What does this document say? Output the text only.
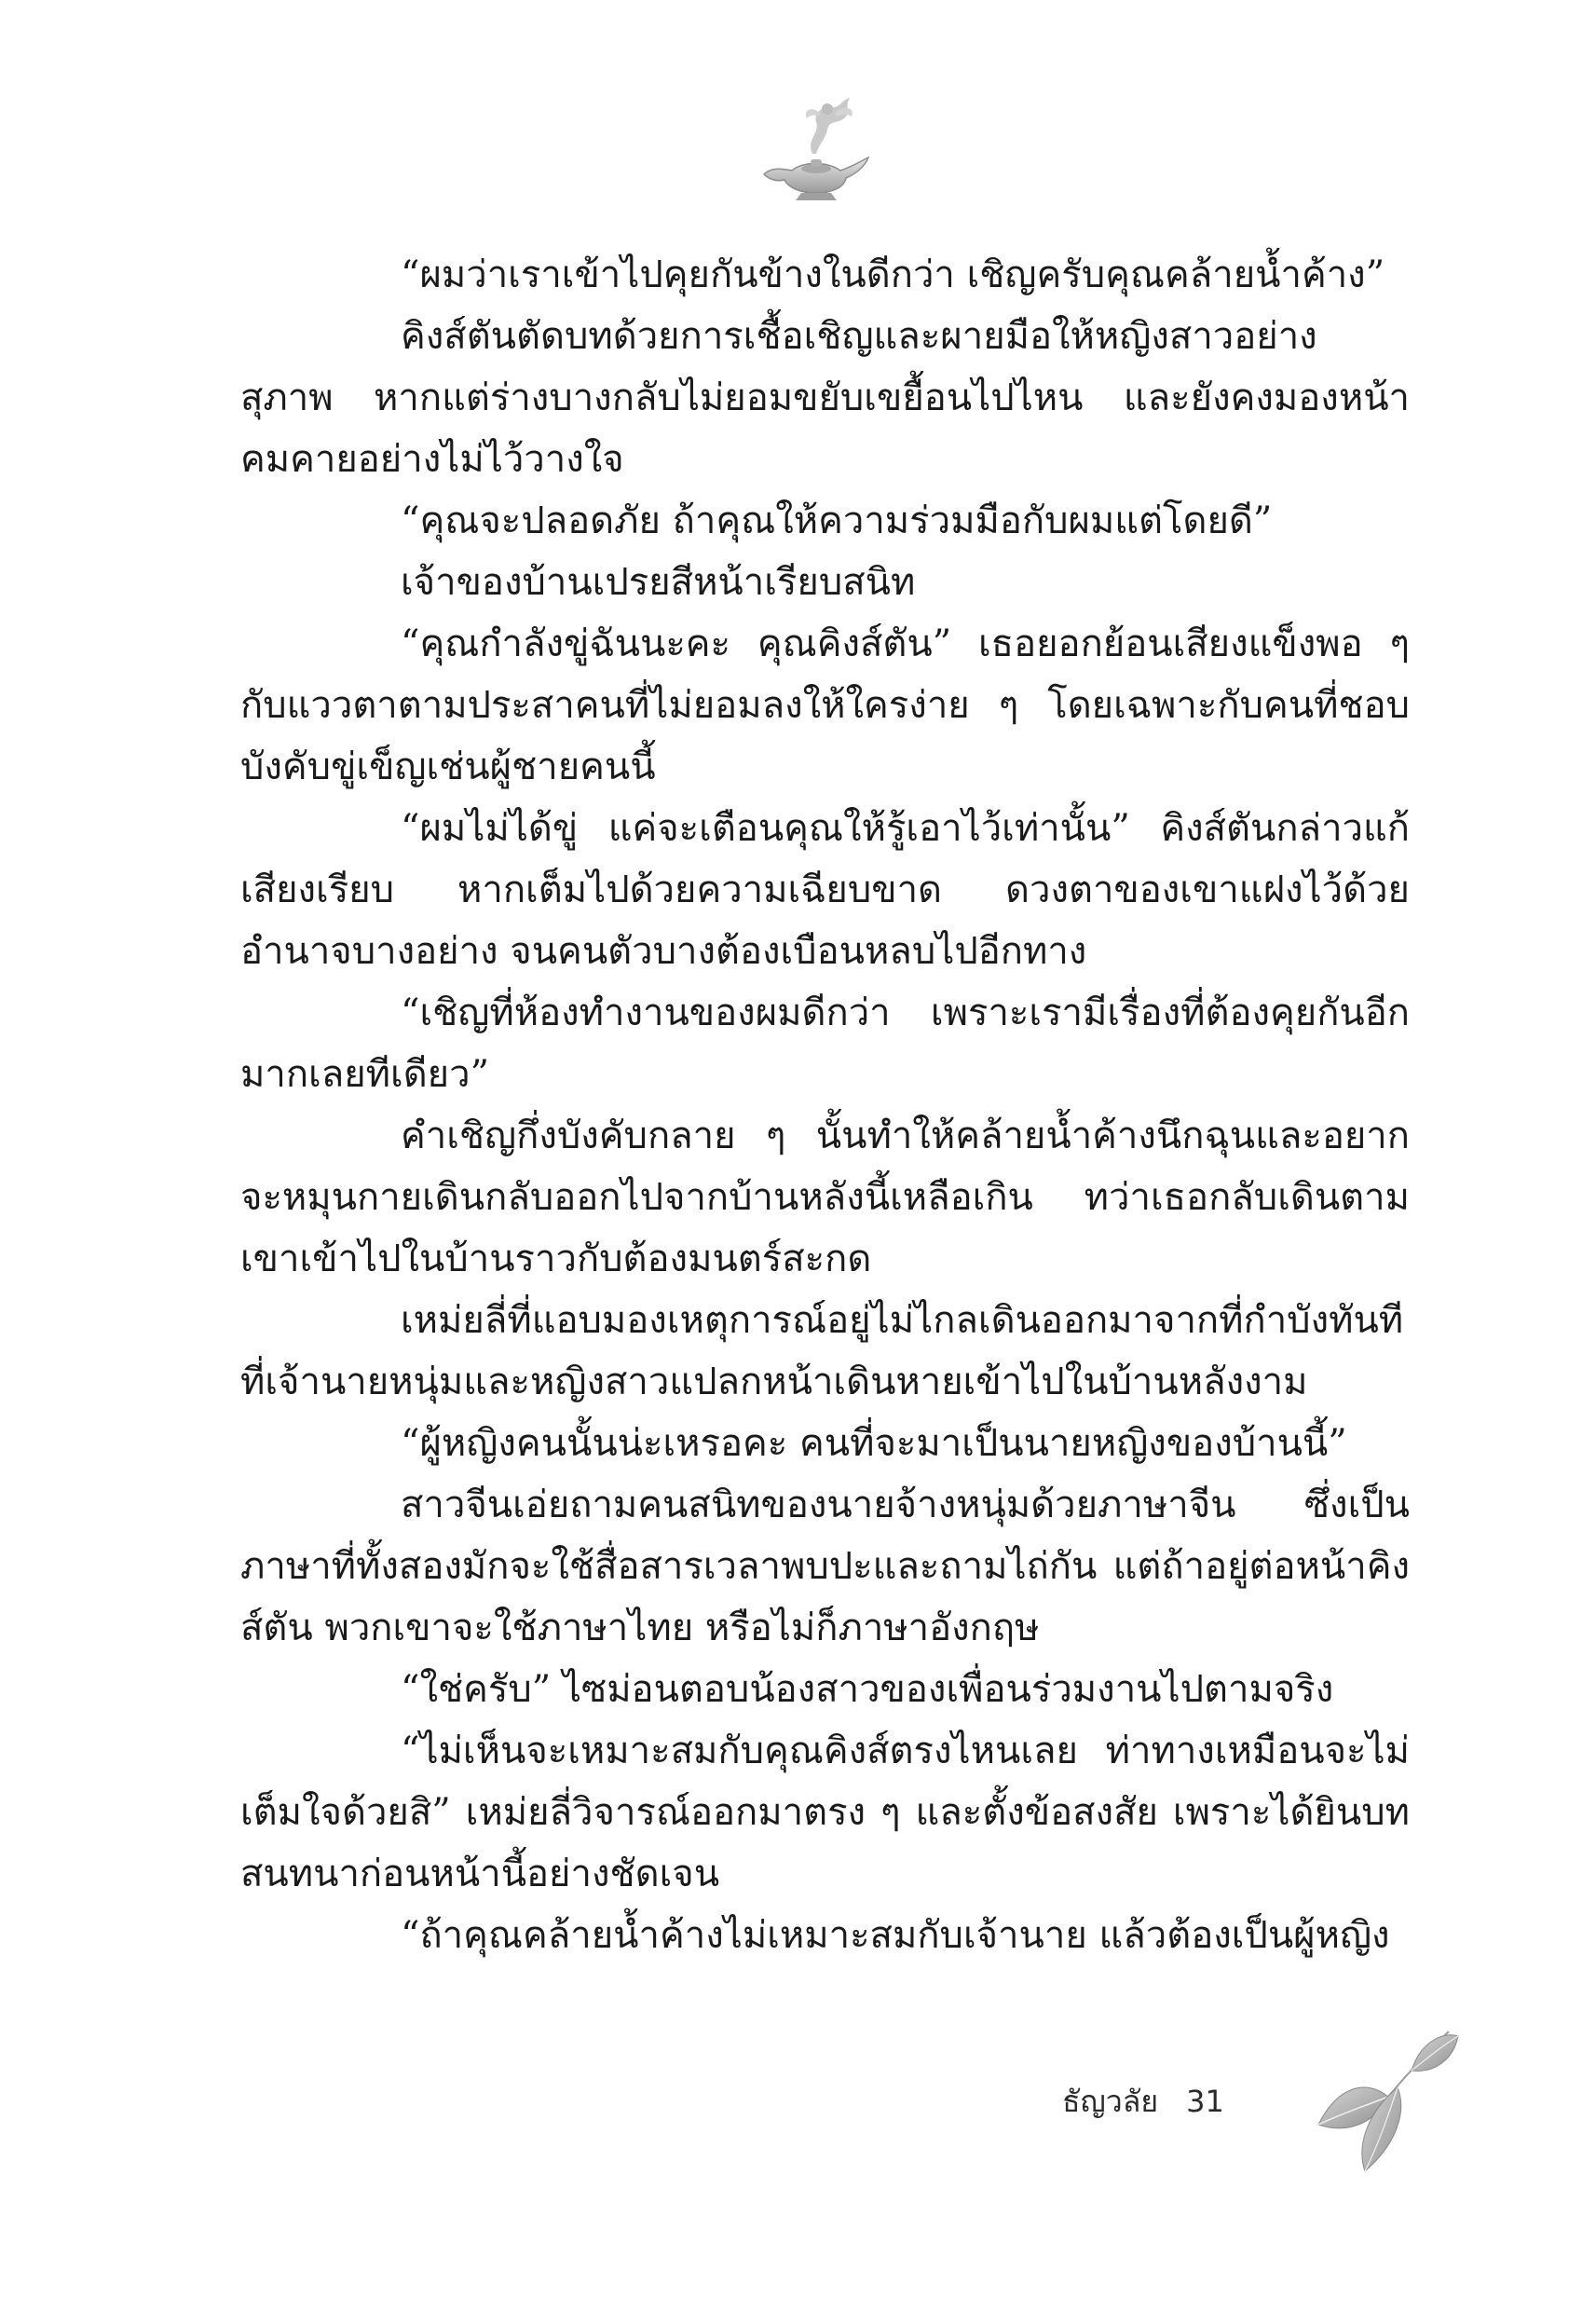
“ผมว่าเราเข้าไปคุยกันข้างในดีกว่า เชิญครับคุณคล้ายน้ำค้าง”

คิงส์ตันตัดบทด้วยการเชื้อเชิญและผายมือให้หญิงสาวอย่างสุภาพ หากแต่ร่างบางกลับไม่ยอมขยับเขยื้อนไปไหน และยังคงมองหน้าคมคายอย่างไม่ไว้วางใจ

“คุณจะปลอดภัย ถ้าคุณให้ความร่วมมือกับผมแต่โดยดี”

เจ้าของบ้านเปรยสีหน้าเรียบสนิท

“คุณกำลังขู่ฉันนะคะ คุณคิงส์ตัน” เธอยอกย้อนเสียงแข็งพอ ๆ กับแววตาตามประสาคนที่ไม่ยอมลงให้ใครง่าย ๆ โดยเฉพาะกับคนที่ชอบบังคับขู่เข็ญเช่นผู้ชายคนนี้

“ผมไม่ได้ขู่ แค่จะเตือนคุณให้รู้เอาไว้เท่านั้น” คิงส์ตันกล่าวแก้เสียงเรียบ หากเต็มไปด้วยความเฉียบขาด ดวงตาของเขาแฝงไว้ด้วยอำนาจบางอย่าง จนคนตัวบางต้องเบือนหลบไปอีกทาง

“เชิญที่ห้องทำงานของผมดีกว่า เพราะเรามีเรื่องที่ต้องคุยกันอีกมากเลยทีเดียว”

คำเชิญกึ่งบังคับกลาย ๆ นั้นทำให้คล้ายน้ำค้างนึกฉุนและอยากจะหมุนกายเดินกลับออกไปจากบ้านหลังนี้เหลือเกิน ทว่าเธอกลับเดินตามเขาเข้าไปในบ้านราวกับต้องมนตร์สะกด

เหม่ยลี่ที่แอบมองเหตุการณ์อยู่ไม่ไกลเดินออกมาจากที่กำบังทันทีที่เจ้านายหนุ่มและหญิงสาวแปลกหน้าเดินหายเข้าไปในบ้านหลังงาม

“ผู้หญิงคนนั้นน่ะเหรอคะ คนที่จะมาเป็นนายหญิงของบ้านนี้”

สาวจีนเอ่ยถามคนสนิทของนายจ้างหนุ่มด้วยภาษาจีน ซึ่งเป็นภาษาที่ทั้งสองมักจะใช้สื่อสารเวลาพบปะและถามไถ่กัน แต่ถ้าอยู่ต่อหน้าคิงส์ตัน พวกเขาจะใช้ภาษาไทย หรือไม่ก็ภาษาอังกฤษ

“ใช่ครับ” ไซม่อนตอบน้องสาวของเพื่อนร่วมงานไปตามจริง

“ไม่เห็นจะเหมาะสมกับคุณคิงส์ตรงไหนเลย ท่าทางเหมือนจะไม่เต็มใจด้วยสิ” เหม่ยลี่วิจารณ์ออกมาตรง ๆ และตั้งข้อสงสัย เพราะได้ยินบทสนทนาก่อนหน้านี้อย่างชัดเจน

“ถ้าคุณคล้ายน้ำค้างไม่เหมาะสมกับเจ้านาย แล้วต้องเป็นผู้หญิง

ธัญวลัย 31
